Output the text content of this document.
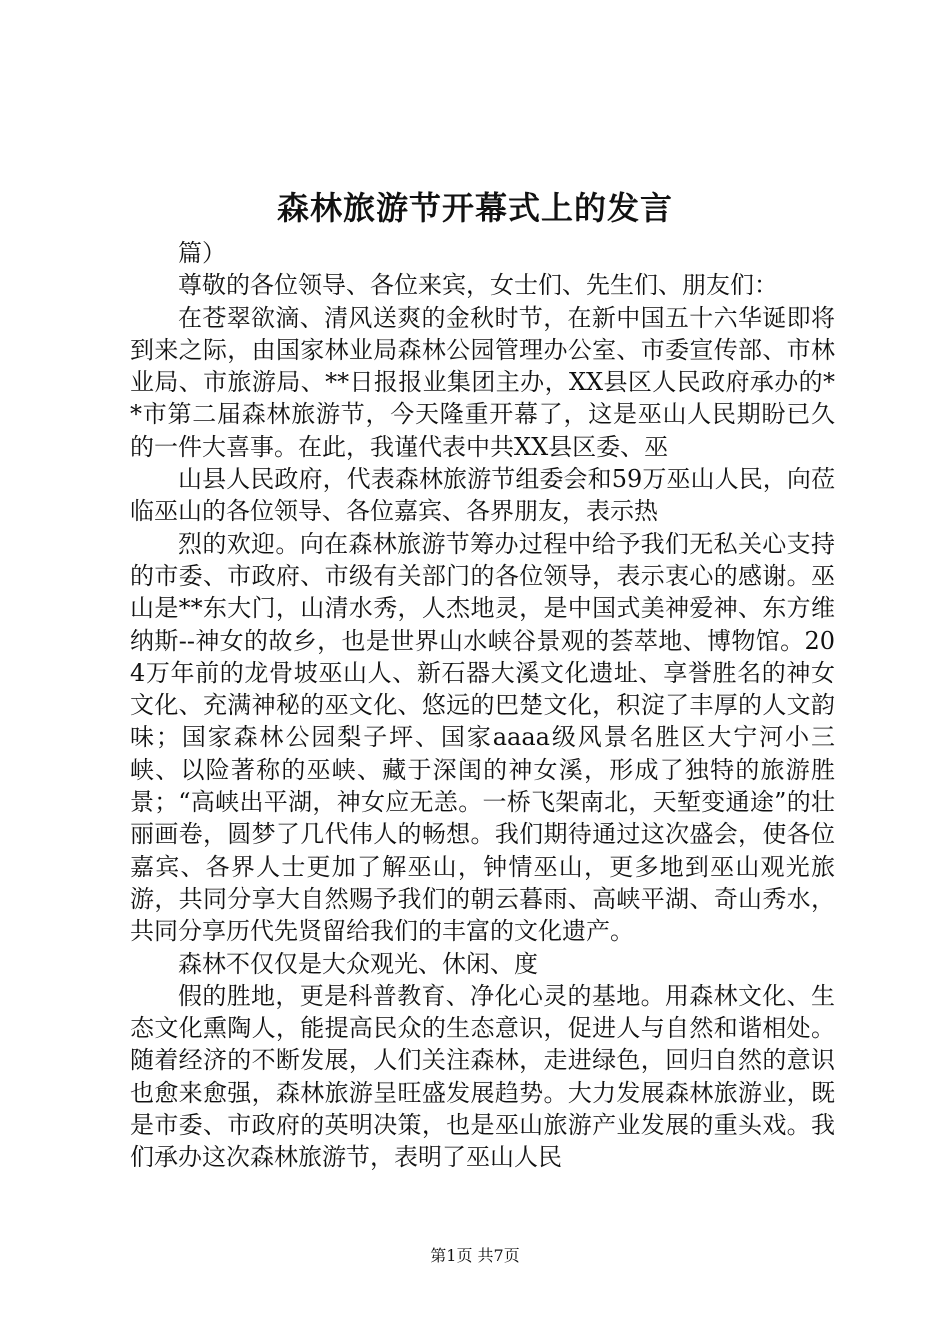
森林旅游节开幕式上的发言

篇）

尊敬的各位领导、各位来宾，女士们、先生们、朋友们：

在苍翠欲滴、清风送爽的金秋时节，在新中国五十六华诞即将到来之际，由国家林业局森林公园管理办公室、市委宣传部、市林业局、市旅游局、**日报报业集团主办，XX县区人民政府承办的**市第二届森林旅游节，今天隆重开幕了，这是巫山人民期盼已久的一件大喜事。在此，我谨代表中共XX县区委、巫

山县人民政府，代表森林旅游节组委会和59万巫山人民，向莅临巫山的各位领导、各位嘉宾、各界朋友，表示热

烈的欢迎。向在森林旅游节筹办过程中给予我们无私关心支持的市委、市政府、市级有关部门的各位领导，表示衷心的感谢。巫山是**东大门，山清水秀，人杰地灵，是中国式美神爱神、东方维纳斯--神女的故乡，也是世界山水峡谷景观的荟萃地、博物馆。204万年前的龙骨坡巫山人、新石器大溪文化遗址、享誉胜名的神女文化、充满神秘的巫文化、悠远的巴楚文化，积淀了丰厚的人文韵味；国家森林公园梨子坪、国家aaaa级风景名胜区大宁河小三峡、以险著称的巫峡、藏于深闺的神女溪，形成了独特的旅游胜景；“高峡出平湖，神女应无恙。一桥飞架南北，天堑变通途”的壮丽画卷，圆梦了几代伟人的畅想。我们期待通过这次盛会，使各位嘉宾、各界人士更加了解巫山，钟情巫山，更多地到巫山观光旅游，共同分享大自然赐予我们的朝云暮雨、高峡平湖、奇山秀水，共同分享历代先贤留给我们的丰富的文化遗产。

森林不仅仅是大众观光、休闲、度

假的胜地，更是科普教育、净化心灵的基地。用森林文化、生态文化熏陶人，能提高民众的生态意识，促进人与自然和谐相处。随着经济的不断发展，人们关注森林，走进绿色，回归自然的意识也愈来愈强，森林旅游呈旺盛发展趋势。大力发展森林旅游业，既是市委、市政府的英明决策，也是巫山旅游产业发展的重头戏。我们承办这次森林旅游节，表明了巫山人民

第1页 共7页
